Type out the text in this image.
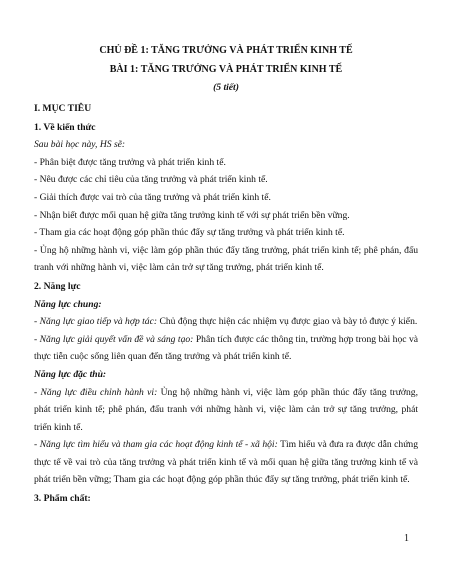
CHỦ ĐỀ 1: TĂNG TRƯỞNG VÀ PHÁT TRIỂN KINH TẾ
BÀI 1: TĂNG TRƯỞNG VÀ PHÁT TRIỂN KINH TẾ
(5 tiết)
I. MỤC TIÊU
1. Về kiến thức
Sau bài học này, HS sẽ:
- Phân biệt được tăng trưởng và phát triển kinh tế.
- Nêu được các chỉ tiêu của tăng trưởng và phát triển kinh tế.
- Giải thích được vai trò của tăng trưởng và phát triển kinh tế.
- Nhận biết được mối quan hệ giữa tăng trưởng kinh tế với sự phát triển bền vững.
- Tham gia các hoạt động góp phần thúc đẩy sự tăng trưởng và phát triển kinh tế.
- Ủng hộ những hành vi, việc làm góp phần thúc đẩy tăng trưởng, phát triển kinh tế; phê phán, đấu tranh với những hành vi, việc làm cản trở sự tăng trưởng, phát triển kinh tế.
2. Năng lực
Năng lực chung:
- Năng lực giao tiếp và hợp tác: Chủ động thực hiện các nhiệm vụ được giao và bày tỏ được ý kiến.
- Năng lực giải quyết vấn đề và sáng tạo: Phân tích được các thông tin, trường hợp trong bài học và thực tiễn cuộc sống liên quan đến tăng trưởng và phát triển kinh tế.
Năng lực đặc thù:
- Năng lực điều chỉnh hành vi: Ủng hộ những hành vi, việc làm góp phần thúc đẩy tăng trưởng, phát triển kinh tế; phê phán, đấu tranh với những hành vi, việc làm cản trở sự tăng trưởng, phát triển kinh tế.
- Năng lực tìm hiểu và tham gia các hoạt động kinh tế - xã hội: Tìm hiểu và đưa ra được dẫn chứng thực tế về vai trò của tăng trưởng và phát triển kinh tế và mối quan hệ giữa tăng trưởng kinh tế và phát triển bền vững; Tham gia các hoạt động góp phần thúc đẩy sự tăng trưởng, phát triển kinh tế.
3. Phẩm chất:
1
